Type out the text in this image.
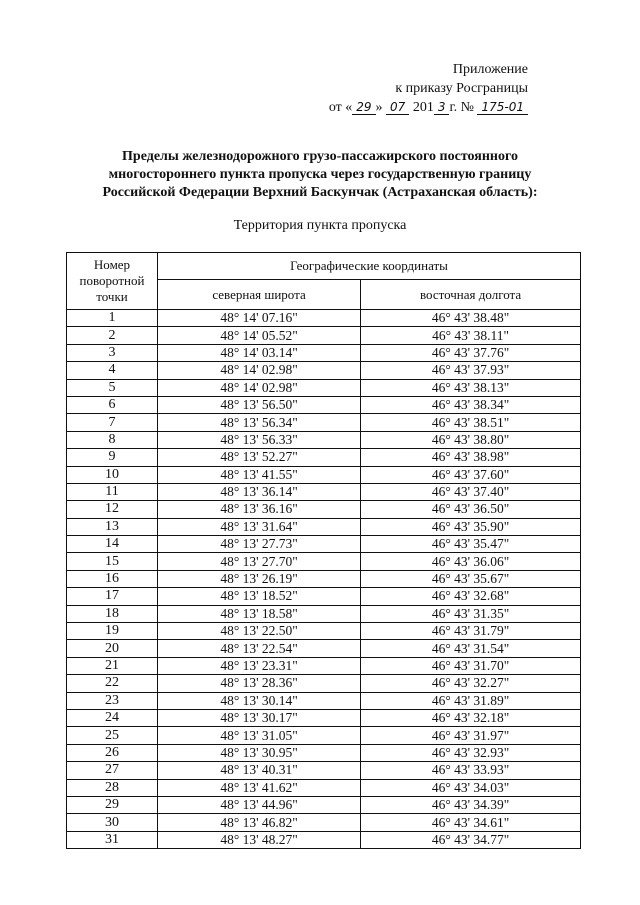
Приложение
к приказу Росграницы
от « 29 » 07 201 3 г. № 175-01
Пределы железнодорожного грузо-пассажирского постоянного
многостороннего пункта пропуска через государственную границу
Российской Федерации Верхний Баскунчак (Астраханская область):
Территория пункта пропуска
Номер поворотной точки	Географические координаты	
	северная широта	восточная долгота
1	48° 14' 07.16"	46° 43' 38.48"
2	48° 14' 05.52"	46° 43' 38.11"
3	48° 14' 03.14"	46° 43' 37.76"
4	48° 14' 02.98"	46° 43' 37.93"
5	48° 14' 02.98"	46° 43' 38.13"
6	48° 13' 56.50"	46° 43' 38.34"
7	48° 13' 56.34"	46° 43' 38.51"
8	48° 13' 56.33"	46° 43' 38.80"
9	48° 13' 52.27"	46° 43' 38.98"
10	48° 13' 41.55"	46° 43' 37.60"
11	48° 13' 36.14"	46° 43' 37.40"
12	48° 13' 36.16"	46° 43' 36.50"
13	48° 13' 31.64"	46° 43' 35.90"
14	48° 13' 27.73"	46° 43' 35.47"
15	48° 13' 27.70"	46° 43' 36.06"
16	48° 13' 26.19"	46° 43' 35.67"
17	48° 13' 18.52"	46° 43' 32.68"
18	48° 13' 18.58"	46° 43' 31.35"
19	48° 13' 22.50"	46° 43' 31.79"
20	48° 13' 22.54"	46° 43' 31.54"
21	48° 13' 23.31"	46° 43' 31.70"
22	48° 13' 28.36"	46° 43' 32.27"
23	48° 13' 30.14"	46° 43' 31.89"
24	48° 13' 30.17"	46° 43' 32.18"
25	48° 13' 31.05"	46° 43' 31.97"
26	48° 13' 30.95"	46° 43' 32.93"
27	48° 13' 40.31"	46° 43' 33.93"
28	48° 13' 41.62"	46° 43' 34.03"
29	48° 13' 44.96"	46° 43' 34.39"
30	48° 13' 46.82"	46° 43' 34.61"
31	48° 13' 48.27"	46° 43' 34.77"
